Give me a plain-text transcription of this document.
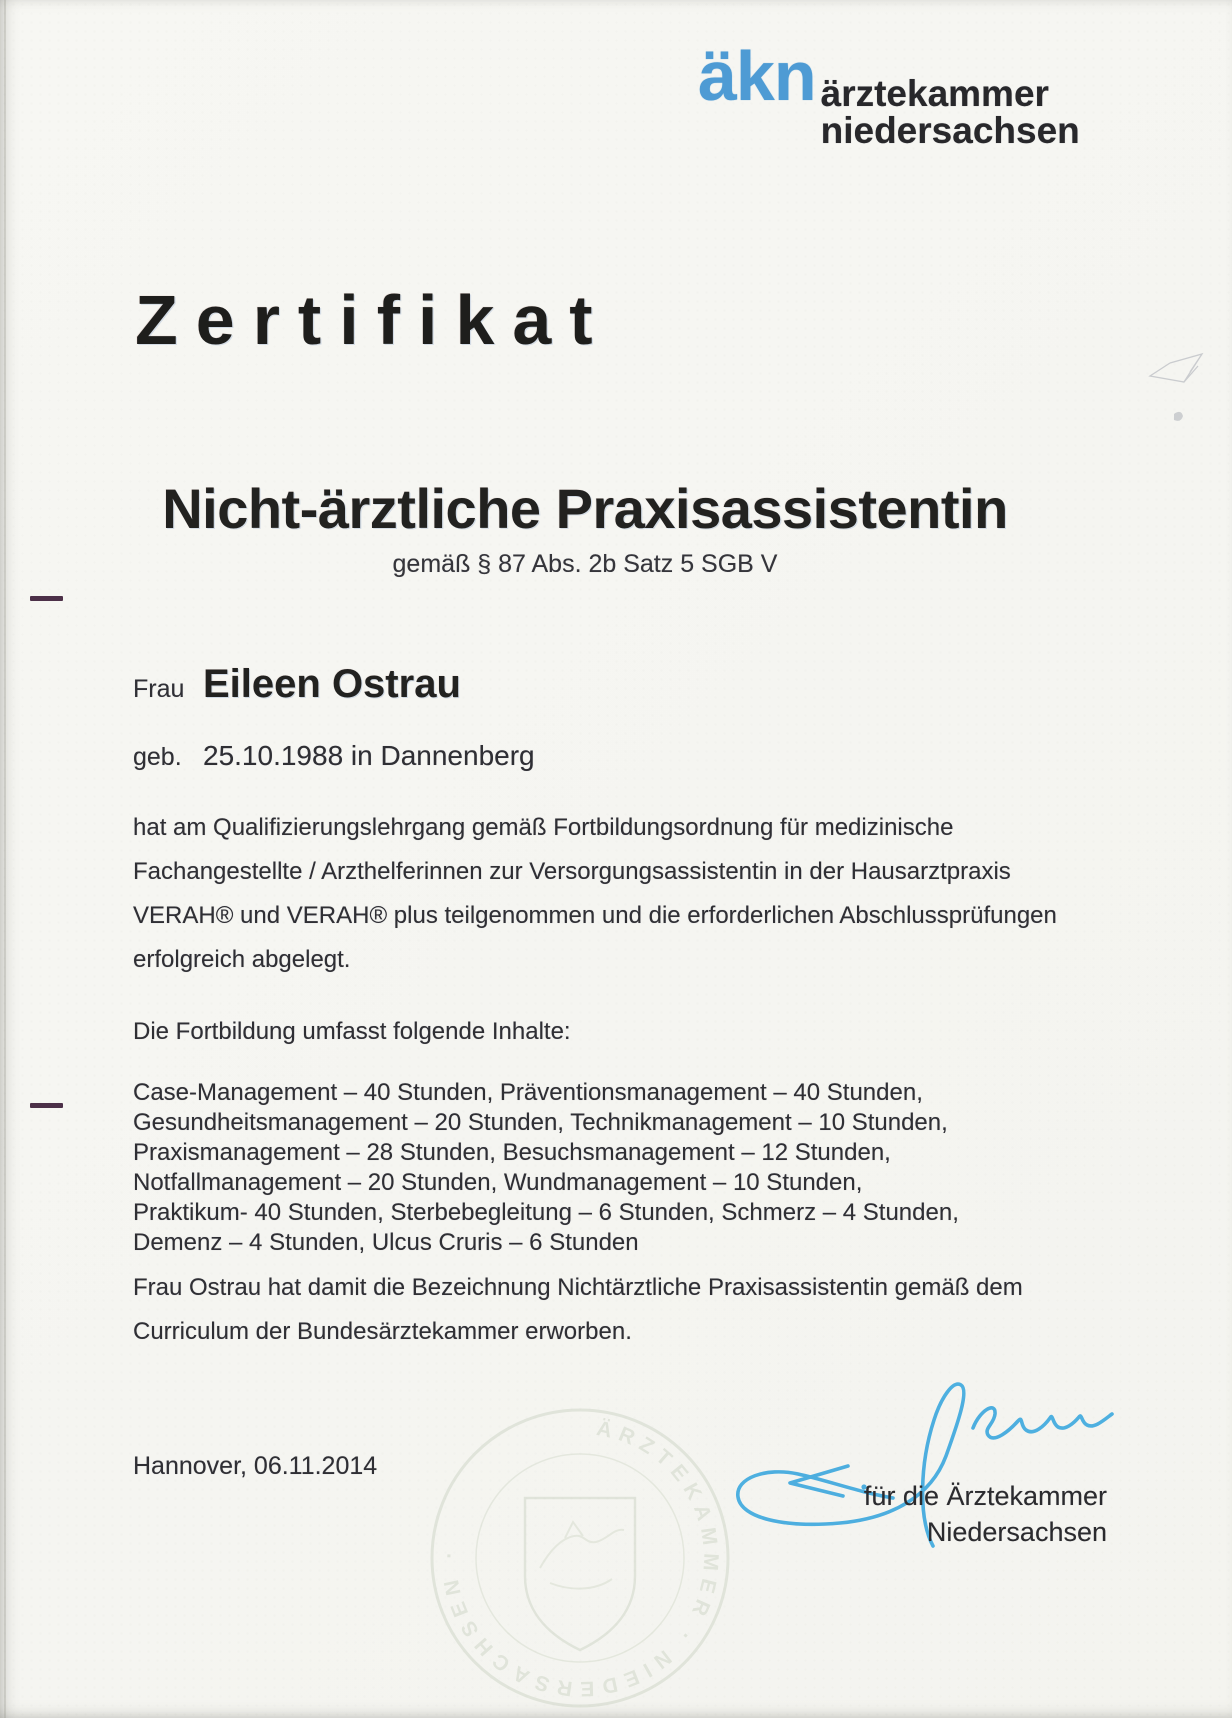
äkn ärztekammer
niedersachsen
Zertifikat
Nicht-ärztliche Praxisassistentin
gemäß § 87 Abs. 2b Satz 5 SGB V
Frau Eileen Ostrau
geb. 25.10.1988 in Dannenberg
hat am Qualifizierungslehrgang gemäß Fortbildungsordnung für medizinische
Fachangestellte / Arzthelferinnen zur Versorgungsassistentin in der Hausarztpraxis
VERAH® und VERAH® plus teilgenommen und die erforderlichen Abschlussprüfungen
erfolgreich abgelegt.
Die Fortbildung umfasst folgende Inhalte:
Case-Management – 40 Stunden, Präventionsmanagement – 40 Stunden,
Gesundheitsmanagement – 20 Stunden, Technikmanagement – 10 Stunden,
Praxismanagement – 28 Stunden, Besuchsmanagement – 12 Stunden,
Notfallmanagement – 20 Stunden, Wundmanagement – 10 Stunden,
Praktikum- 40 Stunden, Sterbebegleitung – 6 Stunden, Schmerz – 4 Stunden,
Demenz – 4 Stunden, Ulcus Cruris – 6 Stunden
Frau Ostrau hat damit die Bezeichnung Nichtärztliche Praxisassistentin gemäß dem
Curriculum der Bundesärztekammer erworben.
Hannover, 06.11.2014
ÄRZTEKAMMER · NIEDERSACHSEN ·
für die Ärztekammer
Niedersachsen
